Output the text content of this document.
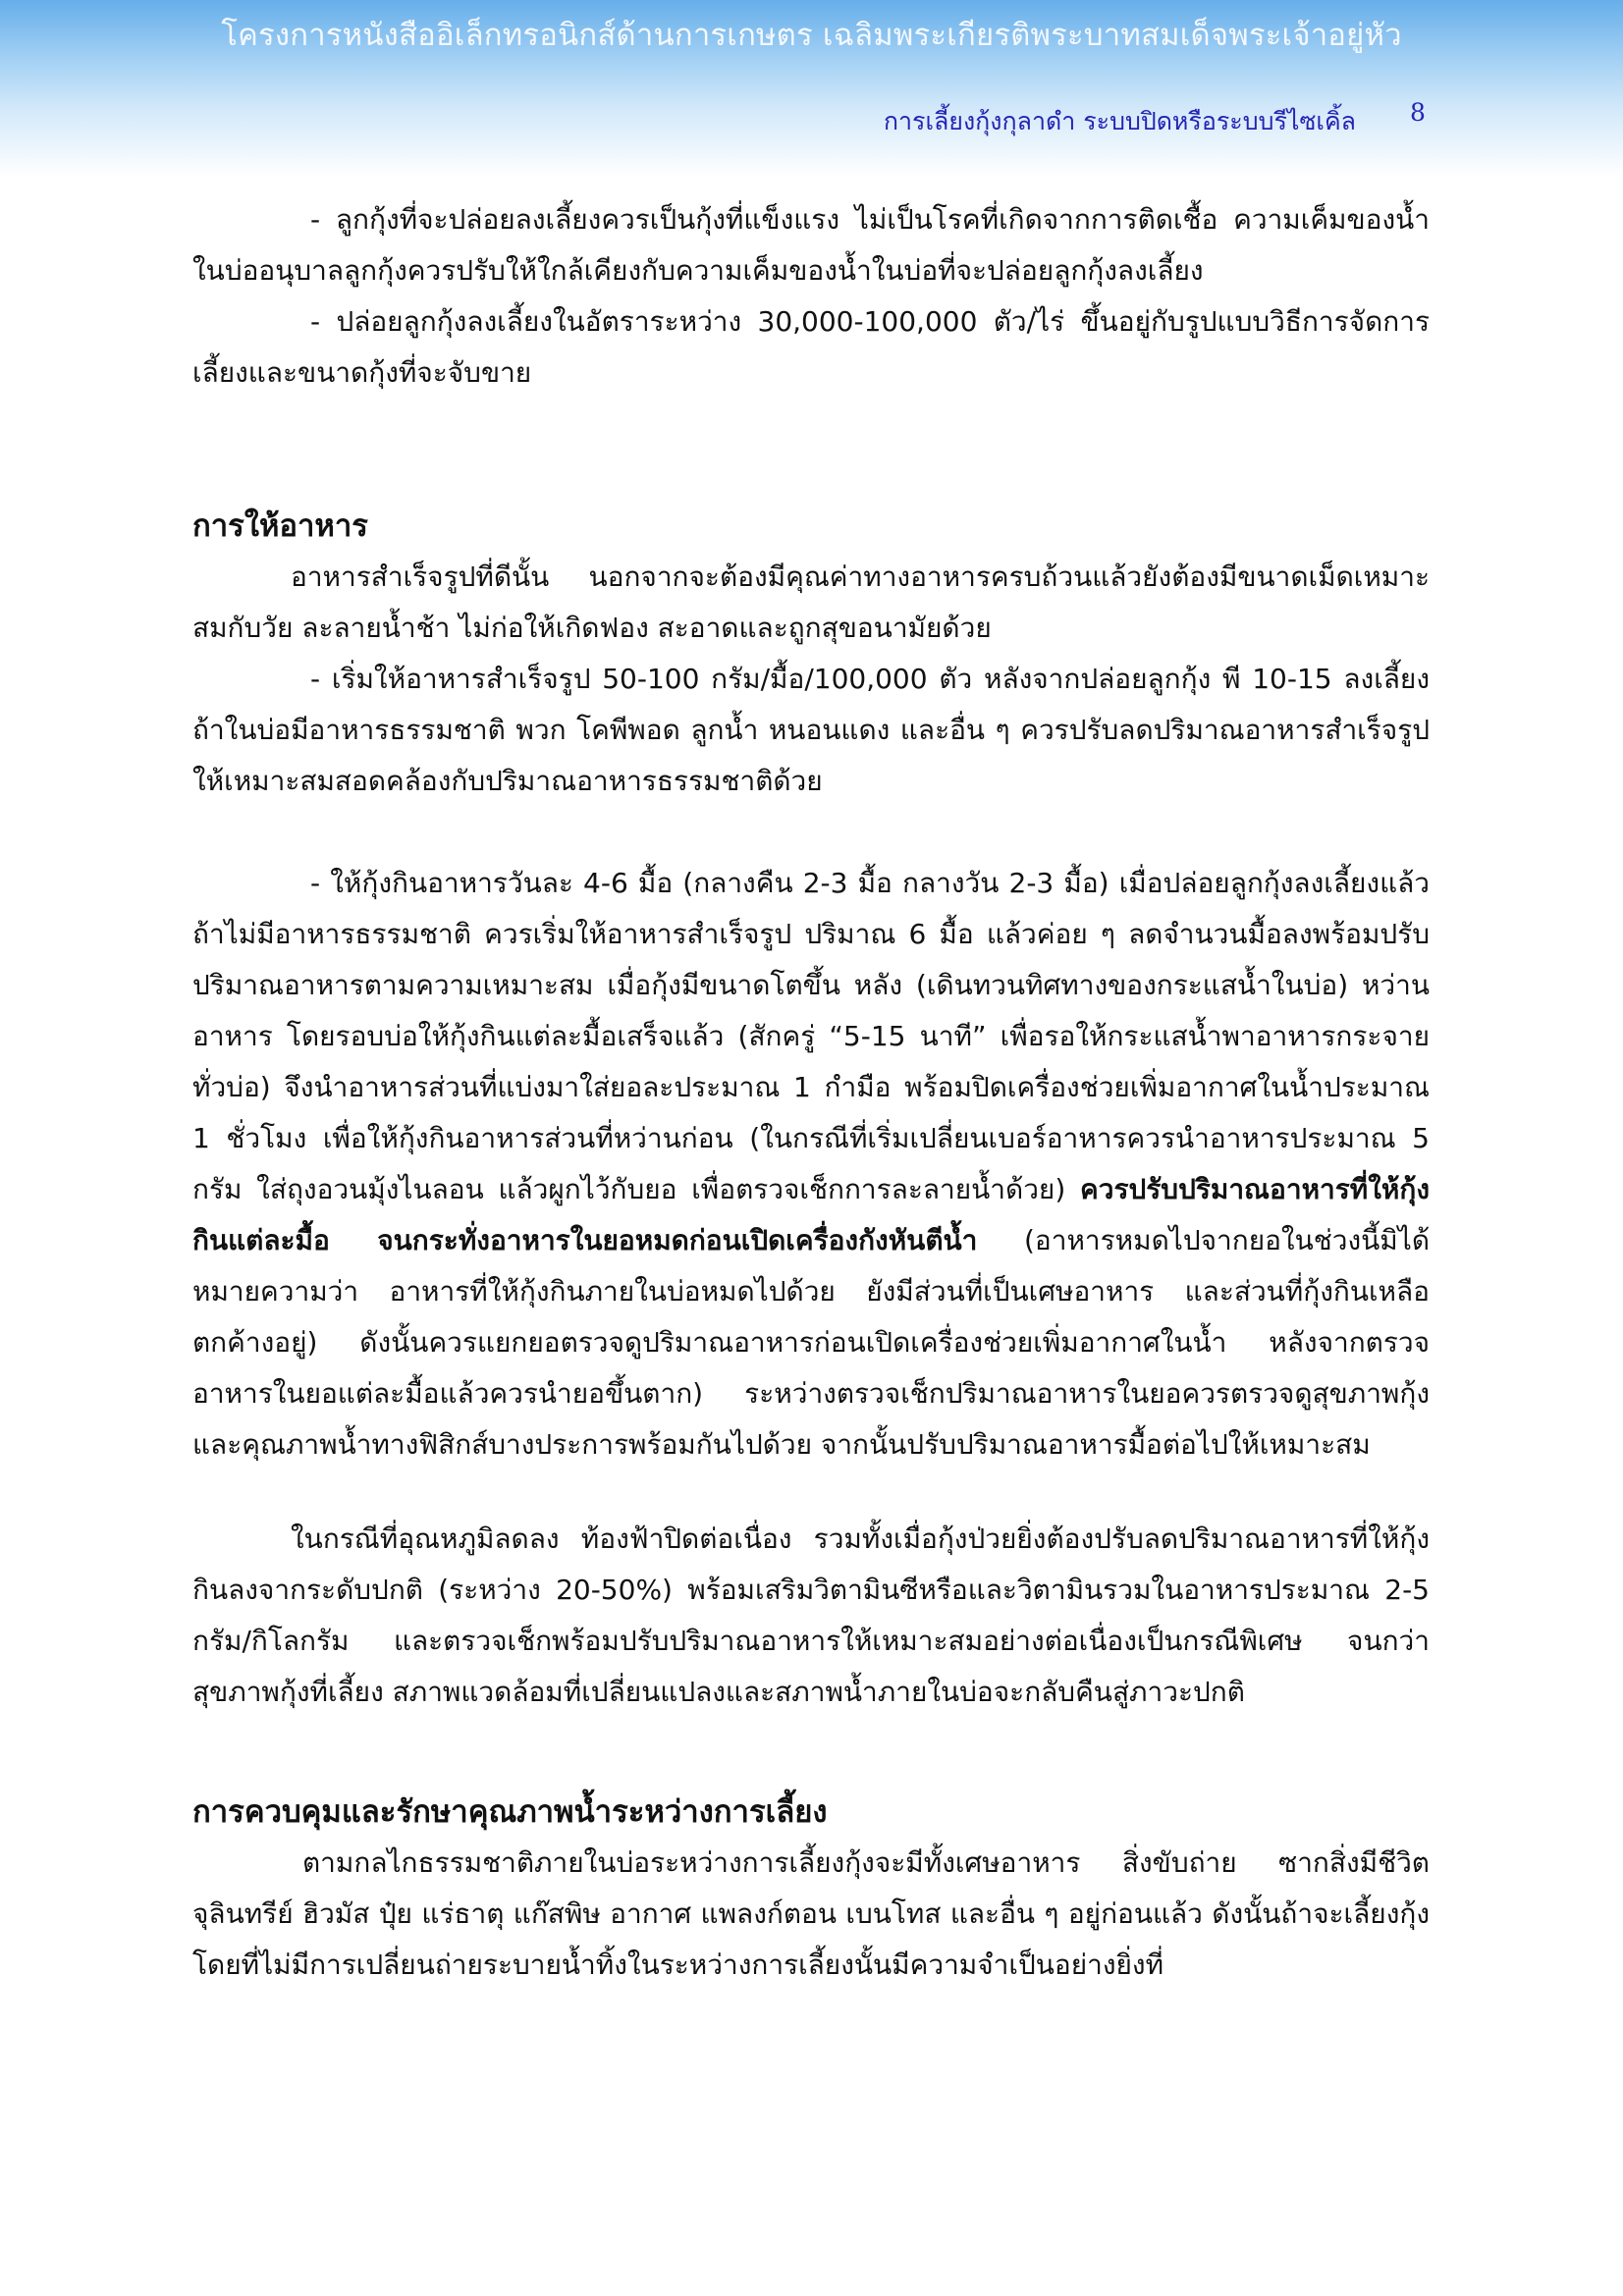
โครงการหนังสืออิเล็กทรอนิกส์ด้านการเกษตร เฉลิมพระเกียรติพระบาทสมเด็จพระเจ้าอยู่หัว
การเลี้ยงกุ้งกุลาดำ ระบบปิดหรือระบบรีไซเคิ้ล 8

- ลูกกุ้งที่จะปล่อยลงเลี้ยงควรเป็นกุ้งที่แข็งแรง ไม่เป็นโรคที่เกิดจากการติดเชื้อ ความเค็มของน้ำในบ่ออนุบาลลูกกุ้งควรปรับให้ใกล้เคียงกับความเค็มของน้ำในบ่อที่จะปล่อยลูกกุ้งลงเลี้ยง

- ปล่อยลูกกุ้งลงเลี้ยงในอัตราระหว่าง 30,000-100,000 ตัว/ไร่ ขึ้นอยู่กับรูปแบบวิธีการจัดการเลี้ยงและขนาดกุ้งที่จะจับขาย

การให้อาหาร

อาหารสำเร็จรูปที่ดีนั้น นอกจากจะต้องมีคุณค่าทางอาหารครบถ้วนแล้วยังต้องมีขนาดเม็ดเหมาะสมกับวัย ละลายน้ำช้า ไม่ก่อให้เกิดฟอง สะอาดและถูกสุขอนามัยด้วย

- เริ่มให้อาหารสำเร็จรูป 50-100 กรัม/มื้อ/100,000 ตัว หลังจากปล่อยลูกกุ้ง พี 10-15 ลงเลี้ยง ถ้าในบ่อมีอาหารธรรมชาติ พวก โคพีพอด ลูกน้ำ หนอนแดง และอื่น ๆ ควรปรับลดปริมาณอาหารสำเร็จรูปให้เหมาะสมสอดคล้องกับปริมาณอาหารธรรมชาติด้วย

- ให้กุ้งกินอาหารวันละ 4-6 มื้อ (กลางคืน 2-3 มื้อ กลางวัน 2-3 มื้อ) เมื่อปล่อยลูกกุ้งลงเลี้ยงแล้ว ถ้าไม่มีอาหารธรรมชาติ ควรเริ่มให้อาหารสำเร็จรูป ปริมาณ 6 มื้อ แล้วค่อย ๆ ลดจำนวนมื้อลงพร้อมปรับปริมาณอาหารตามความเหมาะสม เมื่อกุ้งมีขนาดโตขึ้น หลัง (เดินทวนทิศทางของกระแสน้ำในบ่อ) หว่านอาหาร โดยรอบบ่อให้กุ้งกินแต่ละมื้อเสร็จแล้ว (สักครู่ “5-15 นาที” เพื่อรอให้กระแสน้ำพาอาหารกระจายทั่วบ่อ) จึงนำอาหารส่วนที่แบ่งมาใส่ยอละประมาณ 1 กำมือ พร้อมปิดเครื่องช่วยเพิ่มอากาศในน้ำประมาณ 1 ชั่วโมง เพื่อให้กุ้งกินอาหารส่วนที่หว่านก่อน (ในกรณีที่เริ่มเปลี่ยนเบอร์อาหารควรนำอาหารประมาณ 5 กรัม ใส่ถุงอวนมุ้งไนลอน แล้วผูกไว้กับยอ เพื่อตรวจเช็กการละลายน้ำด้วย) ควรปรับปริมาณอาหารที่ให้กุ้งกินแต่ละมื้อ จนกระทั่งอาหารในยอหมดก่อนเปิดเครื่องกังหันตีน้ำ (อาหารหมดไปจากยอในช่วงนี้มิได้หมายความว่า อาหารที่ให้กุ้งกินภายในบ่อหมดไปด้วย ยังมีส่วนที่เป็นเศษอาหาร และส่วนที่กุ้งกินเหลือตกค้างอยู่) ดังนั้นควรแยกยอตรวจดูปริมาณอาหารก่อนเปิดเครื่องช่วยเพิ่มอากาศในน้ำ หลังจากตรวจอาหารในยอแต่ละมื้อแล้วควรนำยอขึ้นตาก) ระหว่างตรวจเช็กปริมาณอาหารในยอควรตรวจดูสุขภาพกุ้งและคุณภาพน้ำทางฟิสิกส์บางประการพร้อมกันไปด้วย จากนั้นปรับปริมาณอาหารมื้อต่อไปให้เหมาะสม

ในกรณีที่อุณหภูมิลดลง ท้องฟ้าปิดต่อเนื่อง รวมทั้งเมื่อกุ้งป่วยยิ่งต้องปรับลดปริมาณอาหารที่ให้กุ้งกินลงจากระดับปกติ (ระหว่าง 20-50%) พร้อมเสริมวิตามินซีหรือและวิตามินรวมในอาหารประมาณ 2-5 กรัม/กิโลกรัม และตรวจเช็กพร้อมปรับปริมาณอาหารให้เหมาะสมอย่างต่อเนื่องเป็นกรณีพิเศษ จนกว่าสุขภาพกุ้งที่เลี้ยง สภาพแวดล้อมที่เปลี่ยนแปลงและสภาพน้ำภายในบ่อจะกลับคืนสู่ภาวะปกติ

การควบคุมและรักษาคุณภาพน้ำระหว่างการเลี้ยง

ตามกลไกธรรมชาติภายในบ่อระหว่างการเลี้ยงกุ้งจะมีทั้งเศษอาหาร สิ่งขับถ่าย ซากสิ่งมีชีวิต จุลินทรีย์ ฮิวมัส ปุ๋ย แร่ธาตุ แก๊สพิษ อากาศ แพลงก์ตอน เบนโทส และอื่น ๆ อยู่ก่อนแล้ว ดังนั้นถ้าจะเลี้ยงกุ้งโดยที่ไม่มีการเปลี่ยนถ่ายระบายน้ำทิ้งในระหว่างการเลี้ยงนั้นมีความจำเป็นอย่างยิ่งที่
